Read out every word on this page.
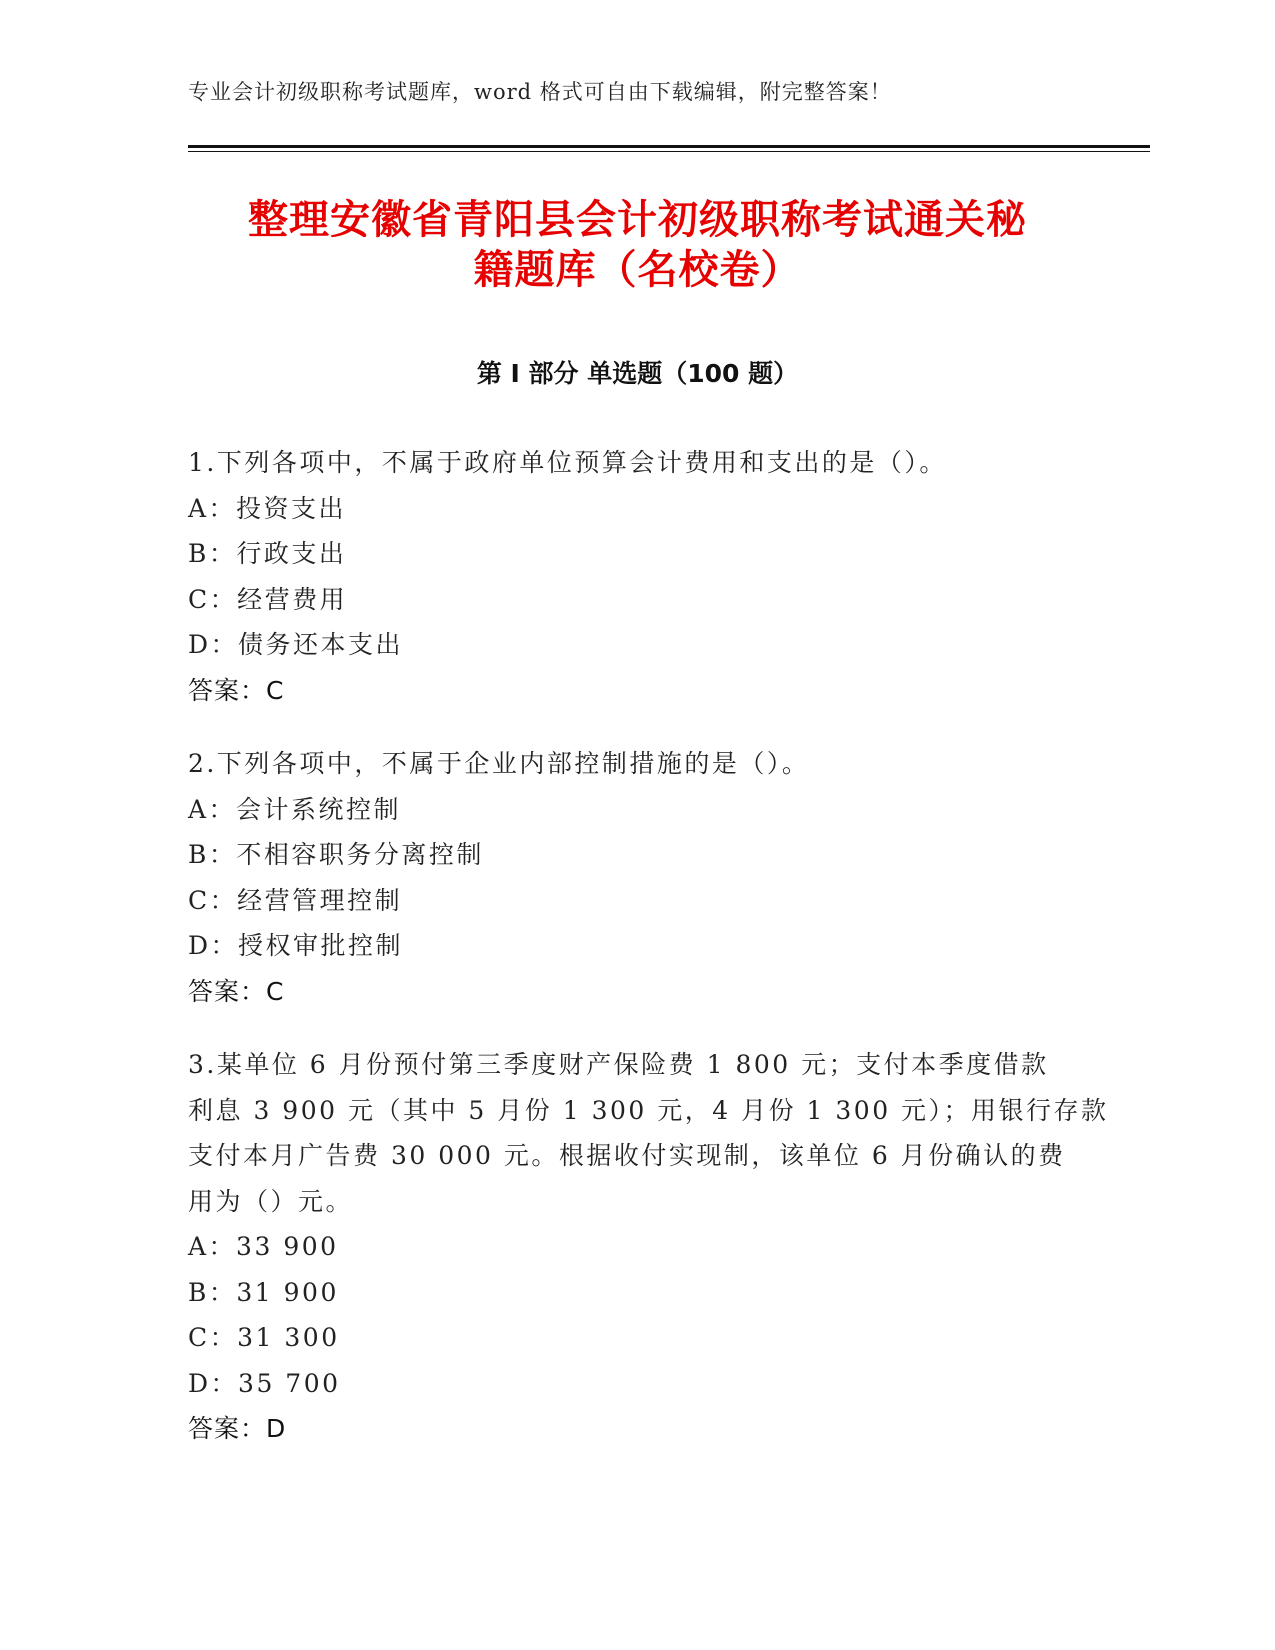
专业会计初级职称考试题库，word 格式可自由下载编辑，附完整答案！
整理安徽省青阳县会计初级职称考试通关秘
籍题库（名校卷）
第 I 部分 单选题（100 题）
1.下列各项中，不属于政府单位预算会计费用和支出的是（）。
A：投资支出
B：行政支出
C：经营费用
D：债务还本支出
答案：C
2.下列各项中，不属于企业内部控制措施的是（）。
A：会计系统控制
B：不相容职务分离控制
C：经营管理控制
D：授权审批控制
答案：C
3.某单位 6 月份预付第三季度财产保险费 1 800 元；支付本季度借款
利息 3 900 元（其中 5 月份 1 300 元，4 月份 1 300 元）；用银行存款
支付本月广告费 30 000 元。根据收付实现制，该单位 6 月份确认的费
用为（）元。
A：33 900
B：31 900
C：31 300
D：35 700
答案：D
